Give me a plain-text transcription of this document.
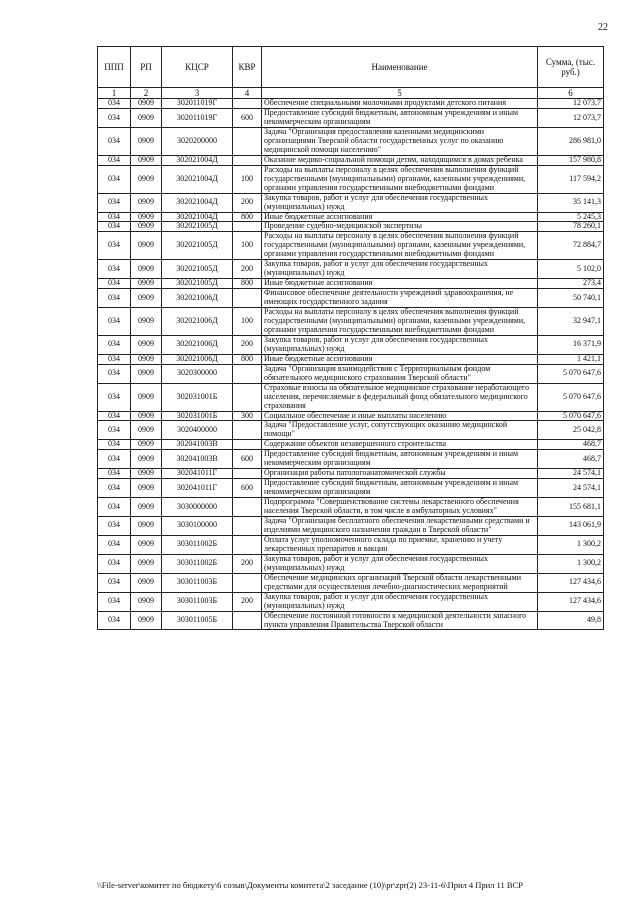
22
ППП	РП	КЦСР	КВР	Наименование	Сумма, (тыс. руб.)
1	2	3	4	5	6
034	0909	302011019Г		Обеспечение специальными молочными продуктами детского питания	12 073,7
034	0909	302011019Г	600	Предоставление субсидий бюджетным, автономным учреждениям и иным некоммерческим организациям	12 073,7
034	0909	3020200000		Задача "Организация предоставления казенными медицинскими организациями Тверской области государственных услуг по оказанию медицинской помощи населению"	286 981,0
034	0909	302021004Д		Оказание медико-социальной помощи детям, находящимся в домах ребенка	157 980,8
034	0909	302021004Д	100	Расходы на выплаты персоналу в целях обеспечения выполнения функций государственными (муниципальными) органами, казенными учреждениями, органами управления государственными внебюджетными фондами	117 594,2
034	0909	302021004Д	200	Закупка товаров, работ и услуг для обеспечения государственных (муниципальных) нужд	35 141,3
034	0909	302021004Д	800	Иные бюджетные ассигнования	5 245,3
034	0909	302021005Д		Проведение судебно-медицинской экспертизы	78 260,1
034	0909	302021005Д	100	Расходы на выплаты персоналу в целях обеспечения выполнения функций государственными (муниципальными) органами, казенными учреждениями, органами управления государственными внебюджетными фондами	72 884,7
034	0909	302021005Д	200	Закупка товаров, работ и услуг для обеспечения государственных (муниципальных) нужд	5 102,0
034	0909	302021005Д	800	Иные бюджетные ассигнования	273,4
034	0909	302021006Д		Финансовое обеспечение деятельности учреждений здравоохранения, не имеющих государственного задания	50 740,1
034	0909	302021006Д	100	Расходы на выплаты персоналу в целях обеспечения выполнения функций государственными (муниципальными) органами, казенными учреждениями, органами управления государственными внебюджетными фондами	32 947,1
034	0909	302021006Д	200	Закупка товаров, работ и услуг для обеспечения государственных (муниципальных) нужд	16 371,9
034	0909	302021006Д	800	Иные бюджетные ассигнования	1 421,1
034	0909	3020300000		Задача "Организация взаимодействия с Территориальным фондом обязательного медицинского страхования Тверской области"	5 070 647,6
034	0909	302031001Б		Страховые взносы на обязательное медицинское страхование неработающего населения, перечисляемые в федеральный фонд обязательного медицинского страхования	5 070 647,6
034	0909	302031001Б	300	Социальное обеспечение и иные выплаты населению	5 070 647,6
034	0909	3020400000		Задача "Предоставление услуг, сопутствующих оказанию медицинской помощи"	25 042,8
034	0909	302041003В		Содержание объектов незавершенного строительства	468,7
034	0909	302041003В	600	Предоставление субсидий бюджетным, автономным учреждениям и иным некоммерческим организациям	468,7
034	0909	302041011Г		Организация работы патологоанатомической службы	24 574,1
034	0909	302041011Г	600	Предоставление субсидий бюджетным, автономным учреждениям и иным некоммерческим организациям	24 574,1
034	0909	3030000000		Подпрограмма "Совершенствование системы лекарственного обеспечения населения Тверской области, в том числе в амбулаторных условиях"	155 681,1
034	0909	3030100000		Задача "Организация бесплатного обеспечения лекарственными средствами и изделиями медицинского назначения граждан в Тверской области"	143 061,9
034	0909	303011002Б		Оплата услуг уполномоченного склада по приемке, хранению и учету лекарственных препаратов и вакцин	1 300,2
034	0909	303011002Б	200	Закупка товаров, работ и услуг для обеспечения государственных (муниципальных) нужд	1 300,2
034	0909	303011003Б		Обеспечение медицинских организаций Тверской области лекарственными средствами для осуществления лечебно-диагностических мероприятий	127 434,6
034	0909	303011003Б	200	Закупка товаров, работ и услуг для обеспечения государственных (муниципальных) нужд	127 434,6
034	0909	303011005Б		Обеспечение постоянной готовности к медицинской деятельности запасного пункта управления Правительства Тверской области	49,8
\\File-server\комитет по бюджету\6 созыв\Документы комитета\2 заседание (10)\pr\zpr(2) 23-11-6\Прил 4 Прил 11 ВСР
